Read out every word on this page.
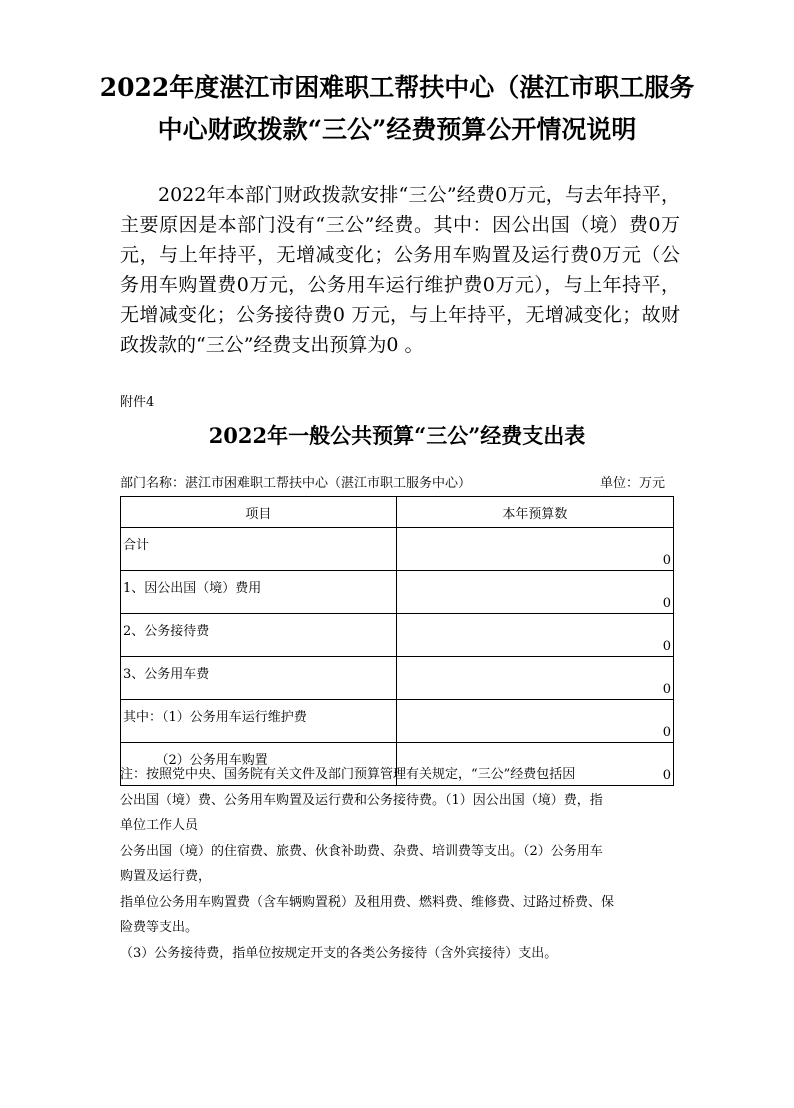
2022年度湛江市困难职工帮扶中心（湛江市职工服务
中心财政拨款“三公”经费预算公开情况说明
2022年本部门财政拨款安排“三公”经费0万元，与去年持平，主要原因是本部门没有“三公”经费。其中：因公出国（境）费0万元，与上年持平，无增减变化；公务用车购置及运行费0万元（公务用车购置费0万元，公务用车运行维护费0万元），与上年持平，无增减变化；公务接待费0 万元，与上年持平，无增减变化；故财政拨款的“三公”经费支出预算为0 。
附件4
2022年一般公共预算“三公”经费支出表
部门名称：湛江市困难职工帮扶中心（湛江市职工服务中心）	单位：万元
项目	本年预算数
合计	0
1、因公出国（境）费用	0
2、公务接待费	0
3、公务用车费	0
其中：（1）公务用车运行维护费	0
　　　（2）公务用车购置	0
注：按照党中央、国务院有关文件及部门预算管理有关规定，“三公”经费包括因
公出国（境）费、公务用车购置及运行费和公务接待费。（1）因公出国（境）费，指
单位工作人员
公务出国（境）的住宿费、旅费、伙食补助费、杂费、培训费等支出。（2）公务用车
购置及运行费，
指单位公务用车购置费（含车辆购置税）及租用费、燃料费、维修费、过路过桥费、保
险费等支出。
（3）公务接待费，指单位按规定开支的各类公务接待（含外宾接待）支出。
